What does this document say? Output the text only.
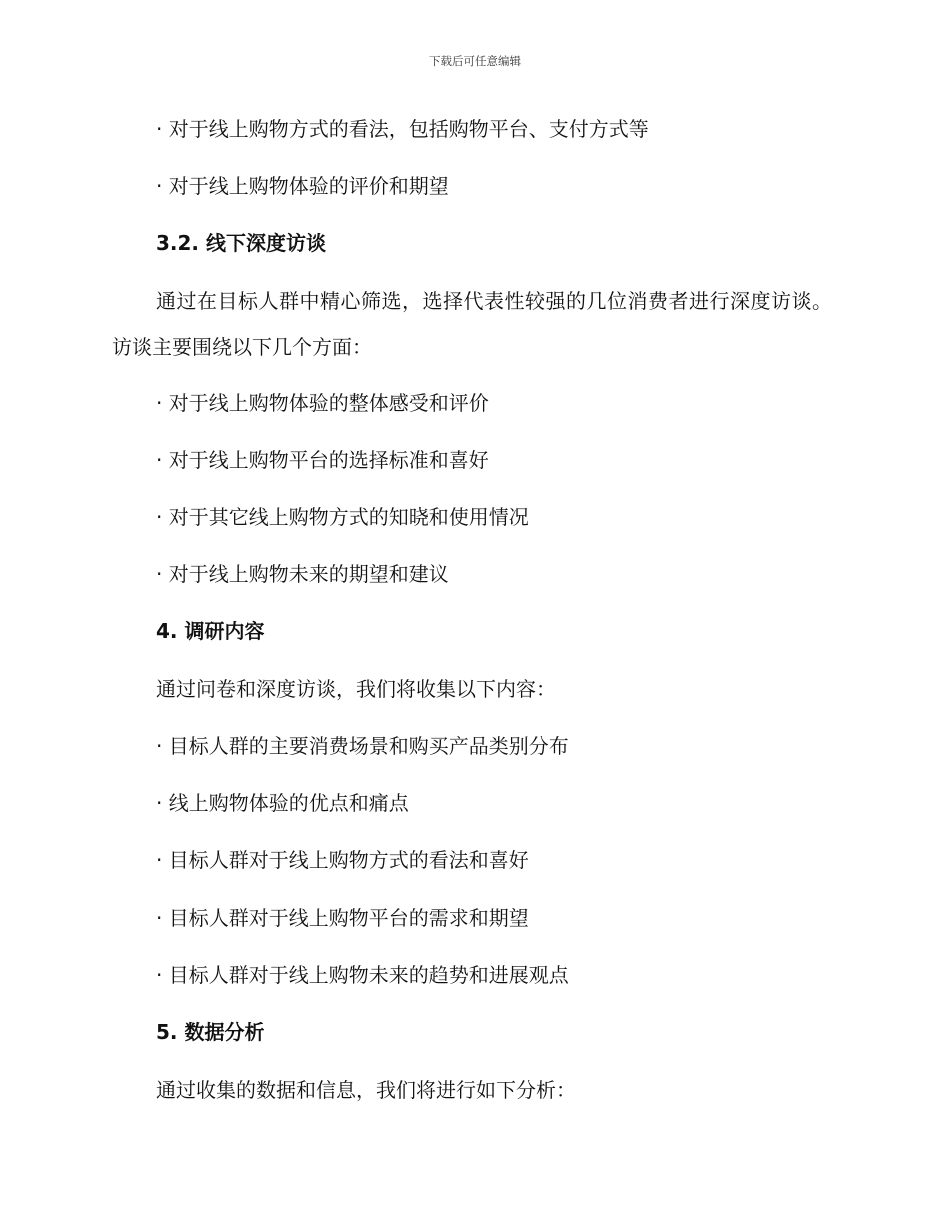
下载后可任意编辑
· 对于线上购物方式的看法，包括购物平台、支付方式等
· 对于线上购物体验的评价和期望
3.2. 线下深度访谈
通过在目标人群中精心筛选，选择代表性较强的几位消费者进行深度访谈。访谈主要围绕以下几个方面：
· 对于线上购物体验的整体感受和评价
· 对于线上购物平台的选择标准和喜好
· 对于其它线上购物方式的知晓和使用情况
· 对于线上购物未来的期望和建议
4. 调研内容
通过问卷和深度访谈，我们将收集以下内容：
· 目标人群的主要消费场景和购买产品类别分布
· 线上购物体验的优点和痛点
· 目标人群对于线上购物方式的看法和喜好
· 目标人群对于线上购物平台的需求和期望
· 目标人群对于线上购物未来的趋势和进展观点
5. 数据分析
通过收集的数据和信息，我们将进行如下分析：
